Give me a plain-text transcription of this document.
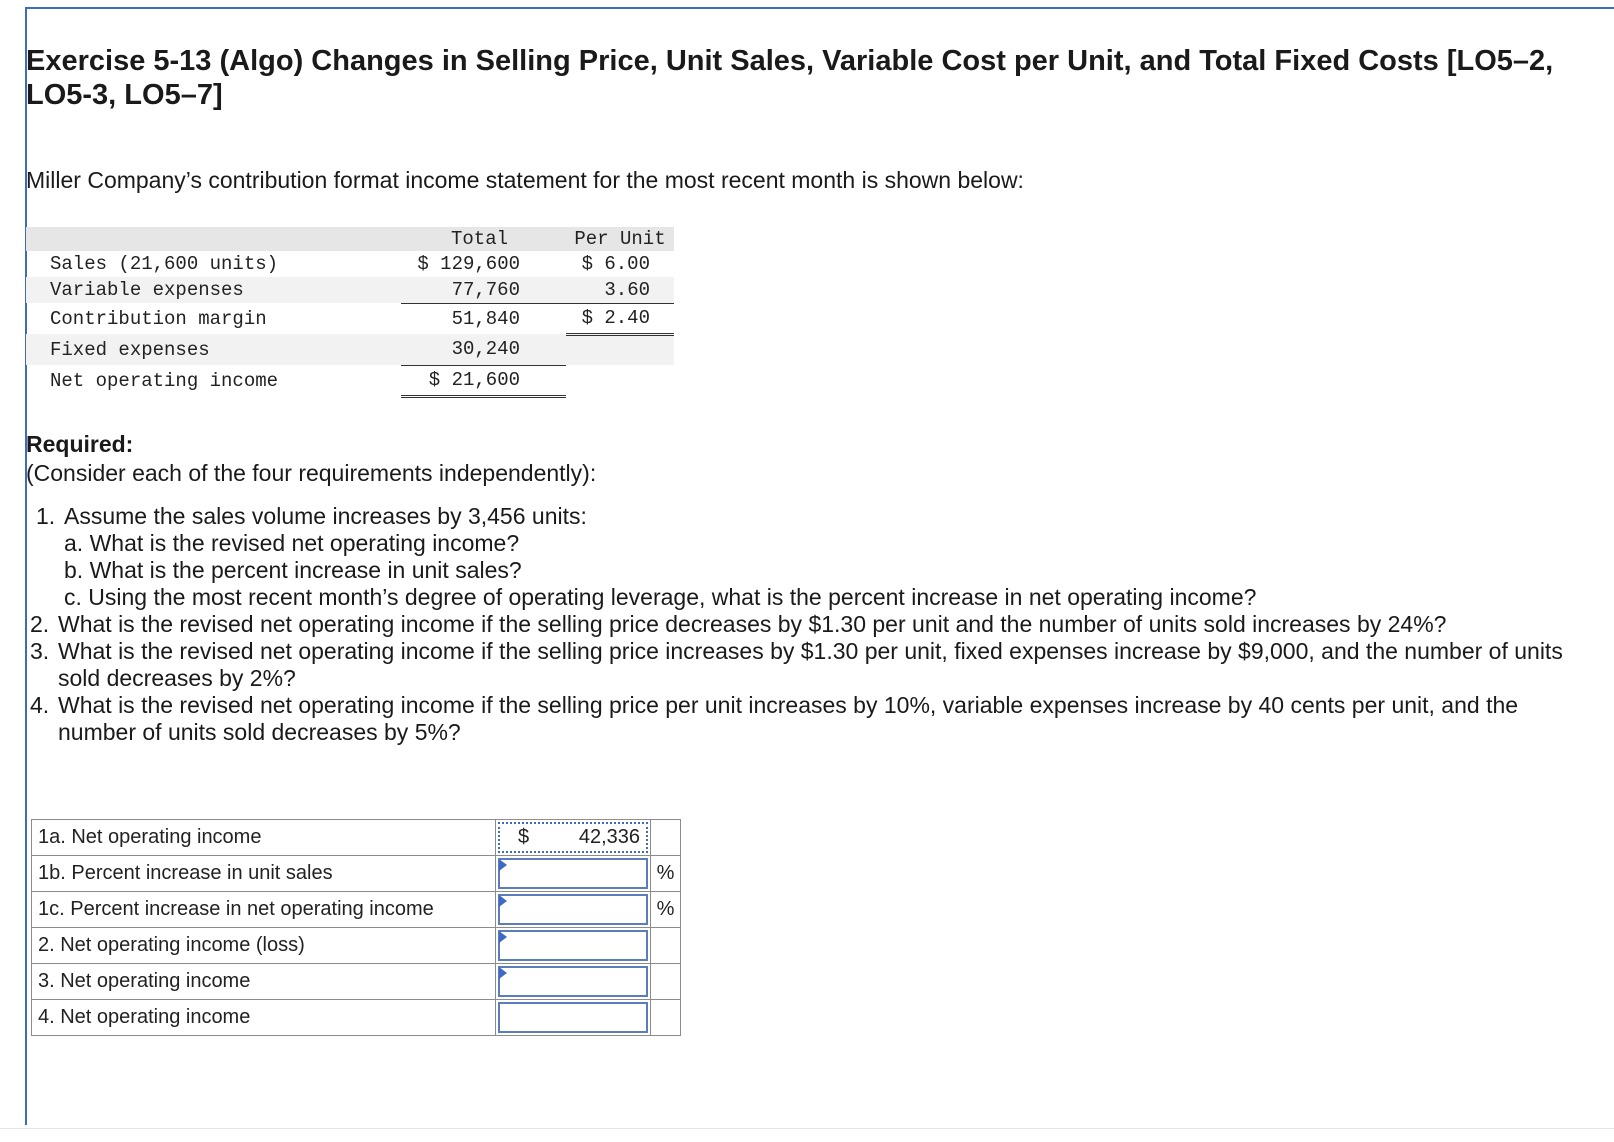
Exercise 5-13 (Algo) Changes in Selling Price, Unit Sales, Variable Cost per Unit, and Total Fixed Costs [LO5–2, LO5-3, LO5–7]

Miller Company’s contribution format income statement for the most recent month is shown below:

	Total		Per Unit
Sales (21,600 units)	$ 129,600		$ 6.00
Variable expenses	77,760		3.60
Contribution margin	51,840		$ 2.40
Fixed expenses	30,240		
Net operating income	$ 21,600		

Required:

(Consider each of the four requirements independently):

1. Assume the sales volume increases by 3,456 units:
a. What is the revised net operating income?
b. What is the percent increase in unit sales?
c. Using the most recent month’s degree of operating leverage, what is the percent increase in net operating income?
2. What is the revised net operating income if the selling price decreases by $1.30 per unit and the number of units sold increases by 24%?
3. What is the revised net operating income if the selling price increases by $1.30 per unit, fixed expenses increase by $9,000, and the number of units sold decreases by 2%?
4. What is the revised net operating income if the selling price per unit increases by 10%, variable expenses increase by 40 cents per unit, and the number of units sold decreases by 5%?
1a. Net operating income	$ 42,336	

1b. Percent increase in unit sales		%
1c. Percent increase in net operating income		%
2. Net operating income (loss)	

3. Net operating income	

4. Net operating income	
